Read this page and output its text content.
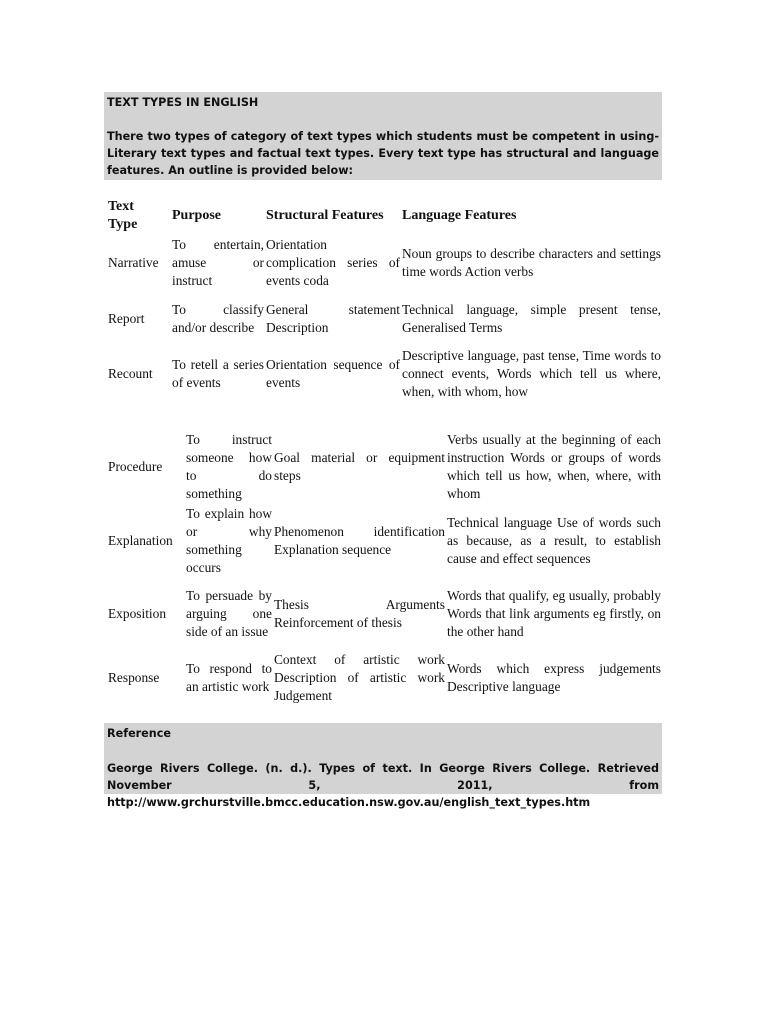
TEXT TYPES IN ENGLISH
There two types of category of text types which students must be competent in using-Literary text types and factual text types. Every text type has structural and language features. An outline is provided below:
Text Type
Purpose	Structural Features Language Features
Narrative
To entertain, amuse or instruct
Orientation complication series of events coda
Noun groups to describe characters and settings time words Action verbs
Report
To classify and/or describe
General statement Description
Technical language, simple present tense, Generalised Terms
Recount
To retell a series of events
Orientation sequence of events
Descriptive language, past tense, Time words to connect events, Words which tell us where, when, with whom, how
Procedure
To instruct someone how to do something
Goal material or equipment steps
Verbs usually at the beginning of each instruction Words or groups of words which tell us how, when, where, with whom
Explanation
To explain how or why something occurs
Phenomenon identification Explanation sequence
Technical language Use of words such as because, as a result, to establish cause and effect sequences
Exposition
To persuade by arguing one side of an issue
Thesis Arguments Reinforcement of thesis
Words that qualify, eg usually, probably Words that link arguments eg firstly, on the other hand
Response
To respond to an artistic work
Context of artistic work Description of artistic work Judgement
Words which express judgements Descriptive language
Reference
George Rivers College. (n. d.). Types of text. In George Rivers College. Retrieved November 5, 2011, from http://www.grchurstville.bmcc.education.nsw.gov.au/english_text_types.htm
